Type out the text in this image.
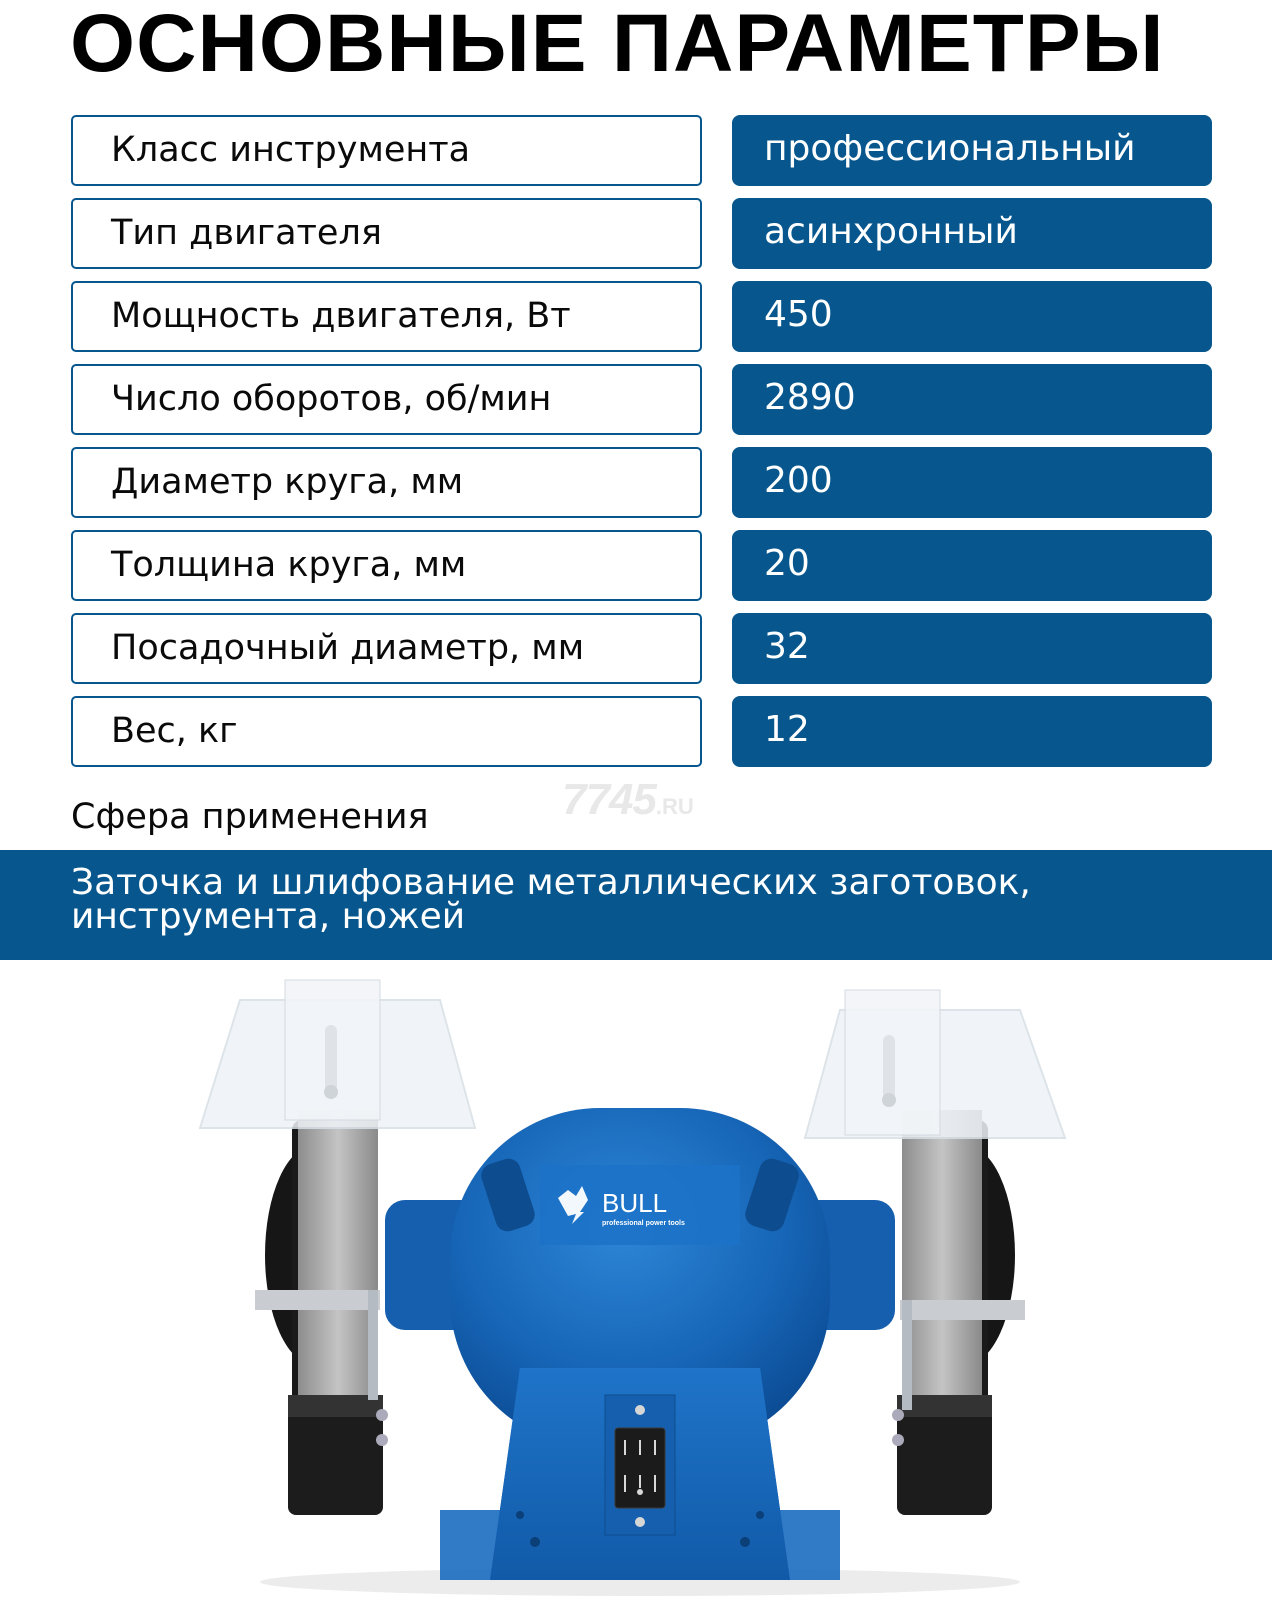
ОСНОВНЫЕ ПАРАМЕТРЫ
Класс инструмента	профессиональный
Тип двигателя	асинхронный
Мощность двигателя, Вт	450
Число оборотов, об/мин	2890
Диаметр круга, мм	200
Толщина круга, мм	20
Посадочный диаметр, мм	32
Вес, кг	12
7745.RU
Сфера применения

Заточка и шлифование металлических заготовок, инструмента, ножей

BULL
professional power tools
